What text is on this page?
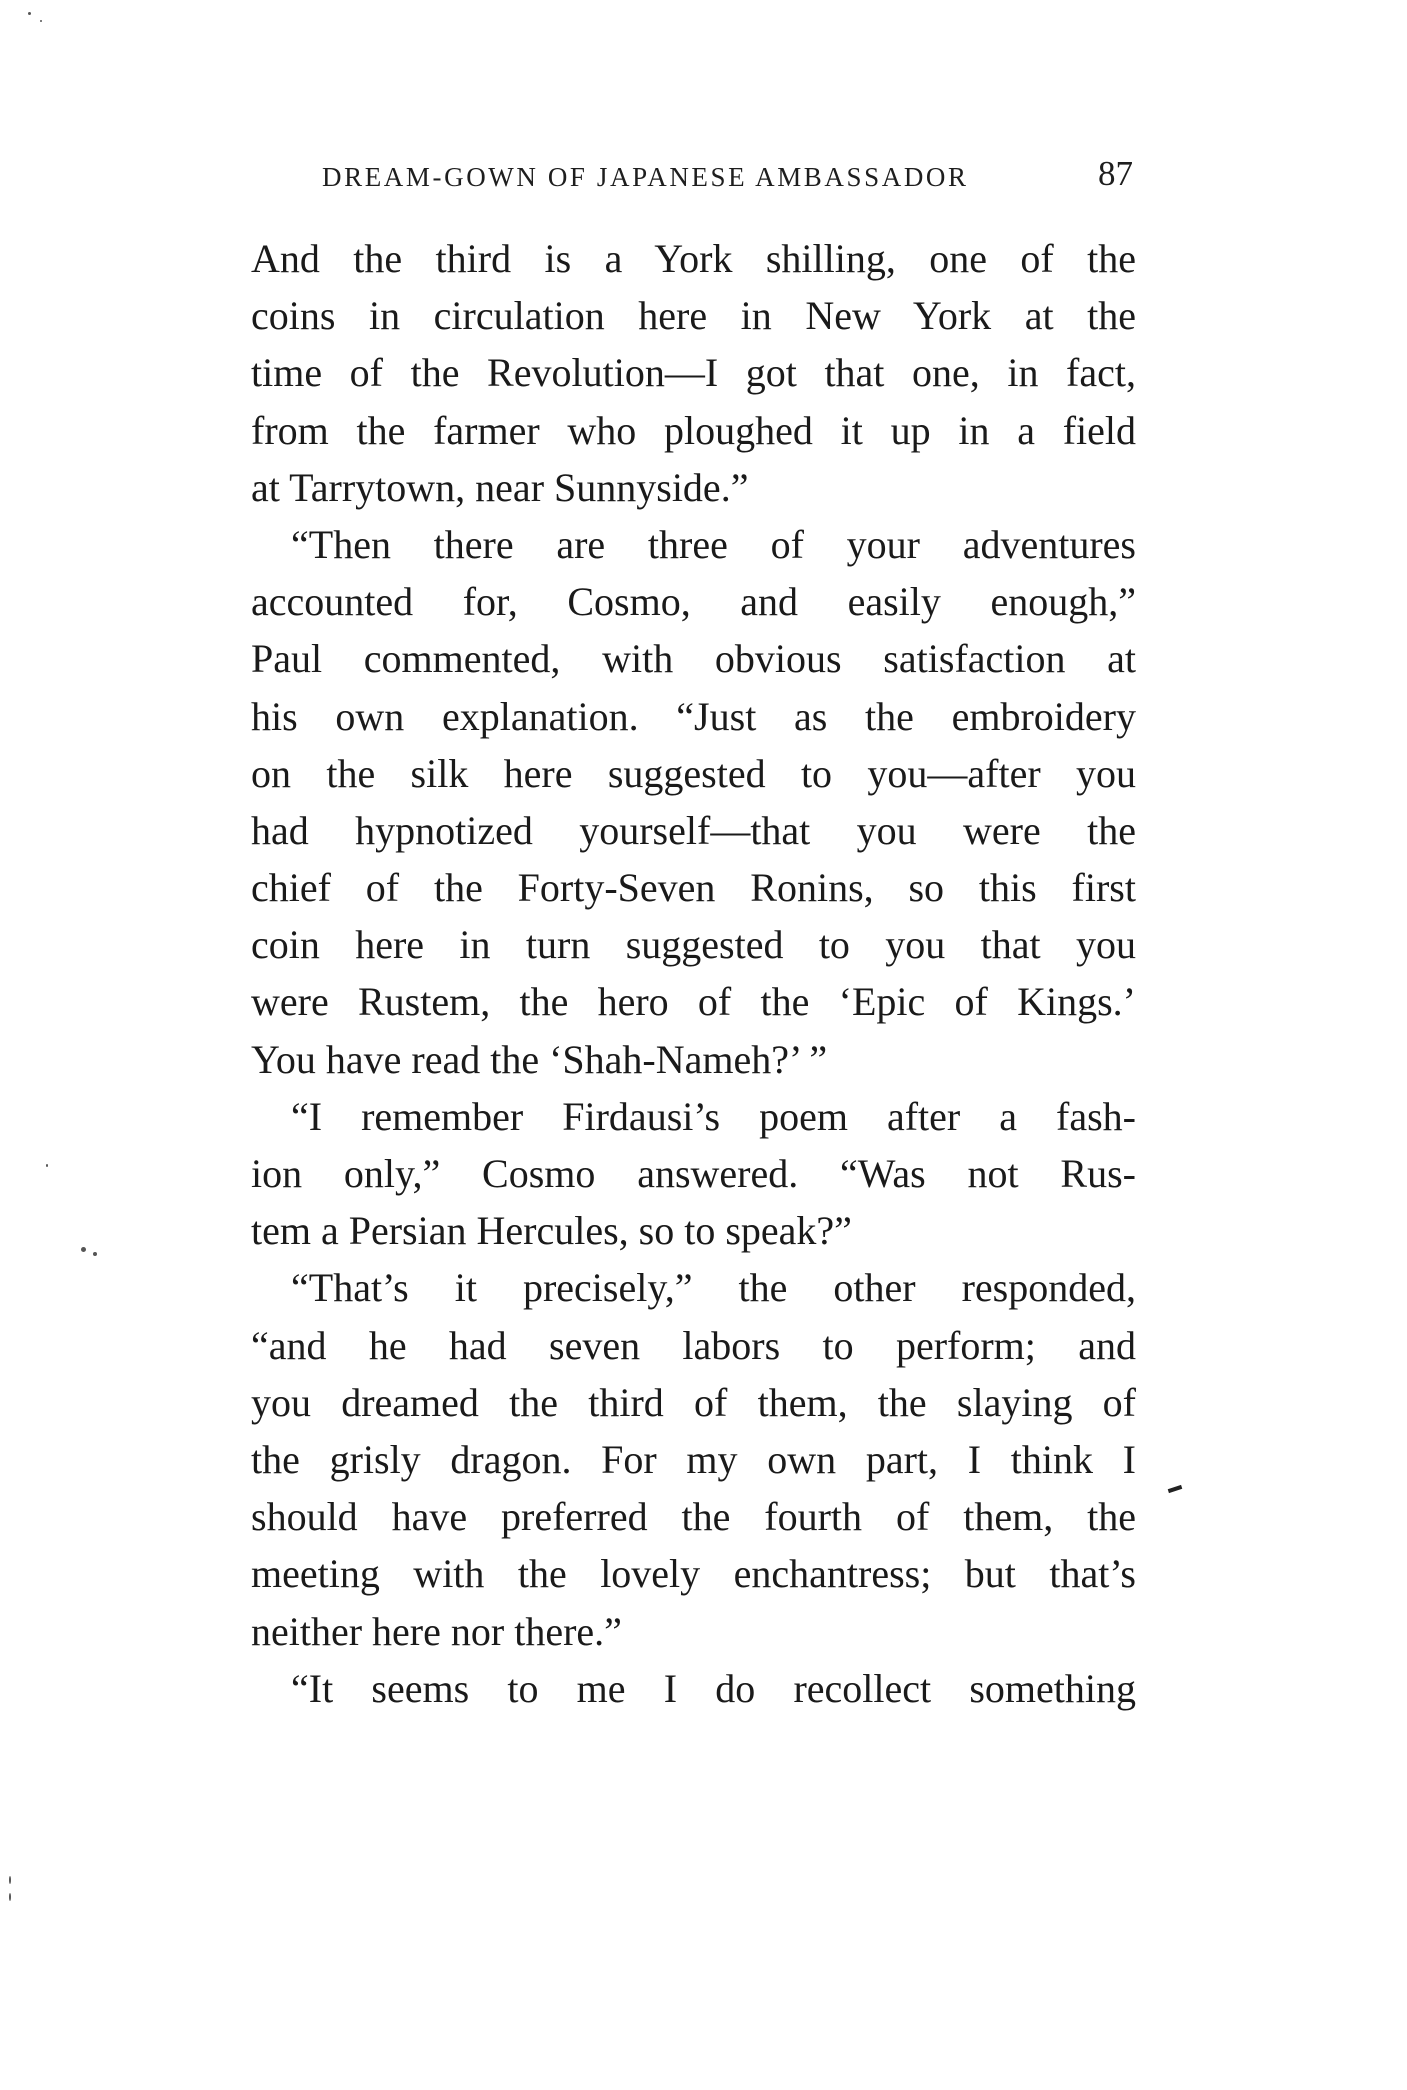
DREAM-GOWN OF JAPANESE AMBASSADOR	87
And the third is a York shilling, one of the
coins in circulation here in New York at the
time of the Revolution—I got that one, in fact,
from the farmer who ploughed it up in a field
at Tarrytown, near Sunnyside.”
“Then there are three of your adventures
accounted for, Cosmo, and easily enough,”
Paul commented, with obvious satisfaction at
his own explanation. “Just as the embroidery
on the silk here suggested to you—after you
had hypnotized yourself—that you were the
chief of the Forty-Seven Ronins, so this first
coin here in turn suggested to you that you
were Rustem, the hero of the ‘Epic of Kings.’
You have read the ‘Shah-Nameh?’ ”
“I remember Firdausi’s poem after a fash-
ion only,” Cosmo answered. “Was not Rus-
tem a Persian Hercules, so to speak?”
“That’s it precisely,” the other responded,
“and he had seven labors to perform; and
you dreamed the third of them, the slaying of
the grisly dragon. For my own part, I think I
should have preferred the fourth of them, the
meeting with the lovely enchantress; but that’s
neither here nor there.”
“It seems to me I do recollect something
